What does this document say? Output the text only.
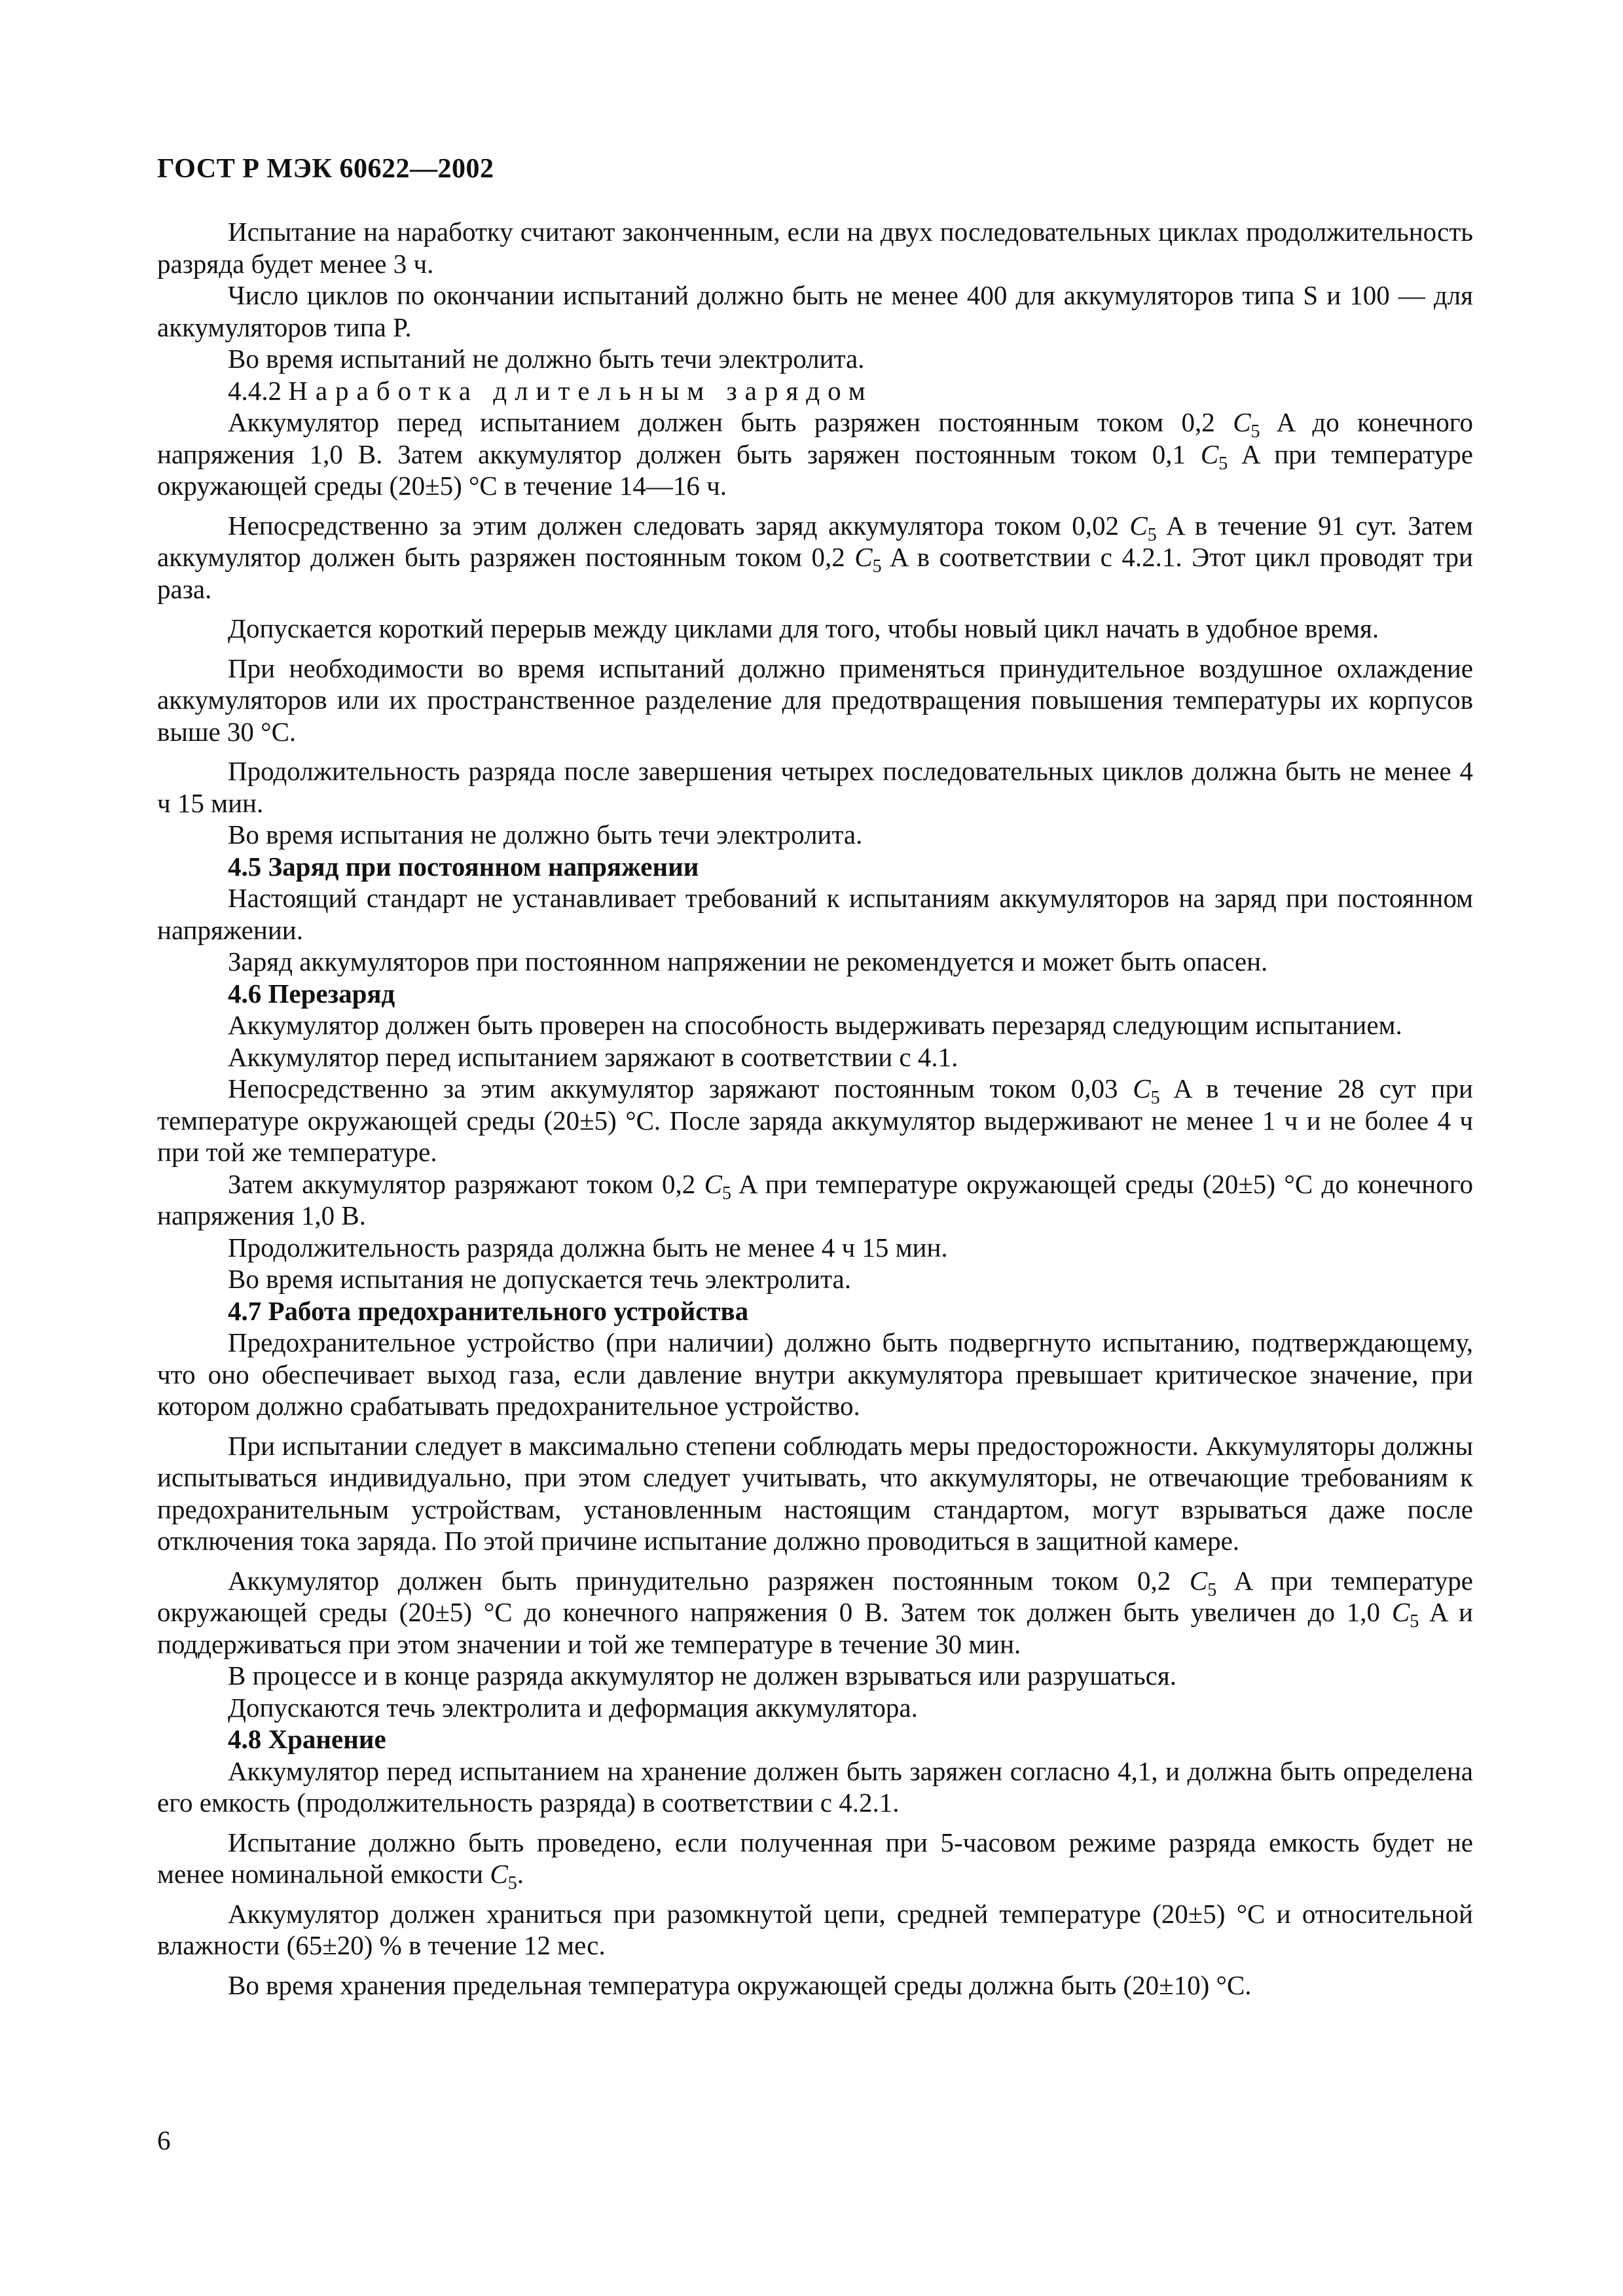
ГОСТ Р МЭК 60622—2002

Испытание на наработку считают законченным, если на двух последовательных циклах продолжительность разряда будет менее 3 ч.

Число циклов по окончании испытаний должно быть не менее 400 для аккумуляторов типа S и 100 — для аккумуляторов типа P.

Во время испытаний не должно быть течи электролита.

4.4.2 Наработка длительным зарядом

Аккумулятор перед испытанием должен быть разряжен постоянным током 0,2 $C_5$ A до конечного напряжения 1,0 В. Затем аккумулятор должен быть заряжен постоянным током 0,1 $C_5$ A при температуре окружающей среды (20±5) °С в течение 14—16 ч.

Непосредственно за этим должен следовать заряд аккумулятора током 0,02 $C_5$ A в течение 91 сут. Затем аккумулятор должен быть разряжен постоянным током 0,2 $C_5$ A в соответствии с 4.2.1. Этот цикл проводят три раза.

Допускается короткий перерыв между циклами для того, чтобы новый цикл начать в удобное время.

При необходимости во время испытаний должно применяться принудительное воздушное охлаждение аккумуляторов или их пространственное разделение для предотвращения повышения температуры их корпусов выше 30 °С.

Продолжительность разряда после завершения четырех последовательных циклов должна быть не менее 4 ч 15 мин.

Во время испытания не должно быть течи электролита.

4.5 Заряд при постоянном напряжении

Настоящий стандарт не устанавливает требований к испытаниям аккумуляторов на заряд при постоянном напряжении.

Заряд аккумуляторов при постоянном напряжении не рекомендуется и может быть опасен.

4.6 Перезаряд

Аккумулятор должен быть проверен на способность выдерживать перезаряд следующим испытанием.

Аккумулятор перед испытанием заряжают в соответствии с 4.1.

Непосредственно за этим аккумулятор заряжают постоянным током 0,03 $C_5$ A в течение 28 сут при температуре окружающей среды (20±5) °С. После заряда аккумулятор выдерживают не менее 1 ч и не более 4 ч при той же температуре.

Затем аккумулятор разряжают током 0,2 $C_5$ A при температуре окружающей среды (20±5) °С до конечного напряжения 1,0 В.

Продолжительность разряда должна быть не менее 4 ч 15 мин.

Во время испытания не допускается течь электролита.

4.7 Работа предохранительного устройства

Предохранительное устройство (при наличии) должно быть подвергнуто испытанию, подтверждающему, что оно обеспечивает выход газа, если давление внутри аккумулятора превышает критическое значение, при котором должно срабатывать предохранительное устройство.

При испытании следует в максимально степени соблюдать меры предосторожности. Аккумуляторы должны испытываться индивидуально, при этом следует учитывать, что аккумуляторы, не отвечающие требованиям к предохранительным устройствам, установленным настоящим стандартом, могут взрываться даже после отключения тока заряда. По этой причине испытание должно проводиться в защитной камере.

Аккумулятор должен быть принудительно разряжен постоянным током 0,2 $C_5$ A при температуре окружающей среды (20±5) °С до конечного напряжения 0 В. Затем ток должен быть увеличен до 1,0 $C_5$ A и поддерживаться при этом значении и той же температуре в течение 30 мин.

В процессе и в конце разряда аккумулятор не должен взрываться или разрушаться.

Допускаются течь электролита и деформация аккумулятора.

4.8 Хранение

Аккумулятор перед испытанием на хранение должен быть заряжен согласно 4,1, и должна быть определена его емкость (продолжительность разряда) в соответствии с 4.2.1.

Испытание должно быть проведено, если полученная при 5-часовом режиме разряда емкость будет не менее номинальной емкости $C_5$.

Аккумулятор должен храниться при разомкнутой цепи, средней температуре (20±5) °С и относительной влажности (65±20) % в течение 12 мес.

Во время хранения предельная температура окружающей среды должна быть (20±10) °С.

6
